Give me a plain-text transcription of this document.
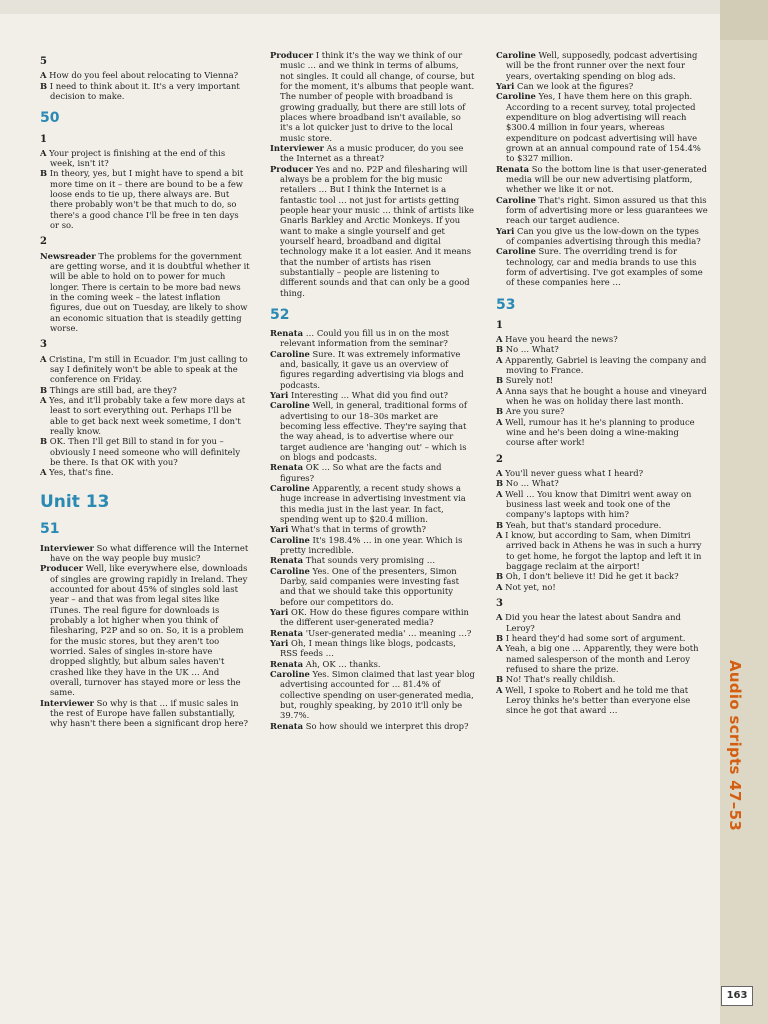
Audio scripts 47–53
163
5
A How do you feel about relocating to Vienna?
B I need to think about it. It's a very important decision to make.
50
1
A Your project is finishing at the end of this week, isn't it?
B In theory, yes, but I might have to spend a bit more time on it – there are bound to be a few loose ends to tie up, there always are. But there probably won't be that much to do, so there's a good chance I'll be free in ten days or so.
2
Newsreader The problems for the government are getting worse, and it is doubtful whether it will be able to hold on to power for much longer. There is certain to be more bad news in the coming week – the latest inflation figures, due out on Tuesday, are likely to show an economic situation that is steadily getting worse.
3
A Cristina, I'm still in Ecuador. I'm just calling to say I definitely won't be able to speak at the conference on Friday.
B Things are still bad, are they?
A Yes, and it'll probably take a few more days at least to sort everything out. Perhaps I'll be able to get back next week sometime, I don't really know.
B OK. Then I'll get Bill to stand in for you – obviously I need someone who will definitely be there. Is that OK with you?
A Yes, that's fine.
Unit 13
51
Interviewer So what difference will the Internet have on the way people buy music?
Producer Well, like everywhere else, downloads of singles are growing rapidly in Ireland. They accounted for about 45% of singles sold last year – and that was from legal sites like iTunes. The real figure for downloads is probably a lot higher when you think of filesharing, P2P and so on. So, it is a problem for the music stores, but they aren't too worried. Sales of singles in-store have dropped slightly, but album sales haven't crashed like they have in the UK … And overall, turnover has stayed more or less the same.
Interviewer So why is that … if music sales in the rest of Europe have fallen substantially, why hasn't there been a significant drop here?
Producer I think it's the way we think of our music … and we think in terms of albums, not singles. It could all change, of course, but for the moment, it's albums that people want. The number of people with broadband is growing gradually, but there are still lots of places where broadband isn't available, so it's a lot quicker just to drive to the local music store.
Interviewer As a music producer, do you see the Internet as a threat?
Producer Yes and no. P2P and filesharing will always be a problem for the big music retailers … But I think the Internet is a fantastic tool … not just for artists getting people hear your music … think of artists like Gnarls Barkley and Arctic Monkeys. If you want to make a single yourself and get yourself heard, broadband and digital technology make it a lot easier. And it means that the number of artists has risen substantially – people are listening to different sounds and that can only be a good thing.
52
Renata … Could you fill us in on the most relevant information from the seminar?
Caroline Sure. It was extremely informative and, basically, it gave us an overview of figures regarding advertising via blogs and podcasts.
Yari Interesting … What did you find out?
Caroline Well, in general, traditional forms of advertising to our 18–30s market are becoming less effective. They're saying that the way ahead, is to advertise where our target audience are 'hanging out' – which is on blogs and podcasts.
Renata OK … So what are the facts and figures?
Caroline Apparently, a recent study shows a huge increase in advertising investment via this media just in the last year. In fact, spending went up to $20.4 million.
Yari What's that in terms of growth?
Caroline It's 198.4% … in one year. Which is pretty incredible.
Renata That sounds very promising …
Caroline Yes. One of the presenters, Simon Darby, said companies were investing fast and that we should take this opportunity before our competitors do.
Yari OK. How do these figures compare within the different user-generated media?
Renata 'User-generated media' … meaning …?
Yari Oh, I mean things like blogs, podcasts, RSS feeds …
Renata Ah, OK … thanks.
Caroline Yes. Simon claimed that last year blog advertising accounted for … 81.4% of collective spending on user-generated media, but, roughly speaking, by 2010 it'll only be 39.7%.
Renata So how should we interpret this drop?
Caroline Well, supposedly, podcast advertising will be the front runner over the next four years, overtaking spending on blog ads.
Yari Can we look at the figures?
Caroline Yes, I have them here on this graph. According to a recent survey, total projected expenditure on blog advertising will reach $300.4 million in four years, whereas expenditure on podcast advertising will have grown at an annual compound rate of 154.4% to $327 million.
Renata So the bottom line is that user-generated media will be our new advertising platform, whether we like it or not.
Caroline That's right. Simon assured us that this form of advertising more or less guarantees we reach our target audience.
Yari Can you give us the low-down on the types of companies advertising through this media?
Caroline Sure. The overriding trend is for technology, car and media brands to use this form of advertising. I've got examples of some of these companies here …
53
1
A Have you heard the news?
B No … What?
A Apparently, Gabriel is leaving the company and moving to France.
B Surely not!
A Anna says that he bought a house and vineyard when he was on holiday there last month.
B Are you sure?
A Well, rumour has it he's planning to produce wine and he's been doing a wine-making course after work!
2
A You'll never guess what I heard?
B No … What?
A Well … You know that Dimitri went away on business last week and took one of the company's laptops with him?
B Yeah, but that's standard procedure.
A I know, but according to Sam, when Dimitri arrived back in Athens he was in such a hurry to get home, he forgot the laptop and left it in baggage reclaim at the airport!
B Oh, I don't believe it! Did he get it back?
A Not yet, no!
3
A Did you hear the latest about Sandra and Leroy?
B I heard they'd had some sort of argument.
A Yeah, a big one … Apparently, they were both named salesperson of the month and Leroy refused to share the prize.
B No! That's really childish.
A Well, I spoke to Robert and he told me that Leroy thinks he's better than everyone else since he got that award …
